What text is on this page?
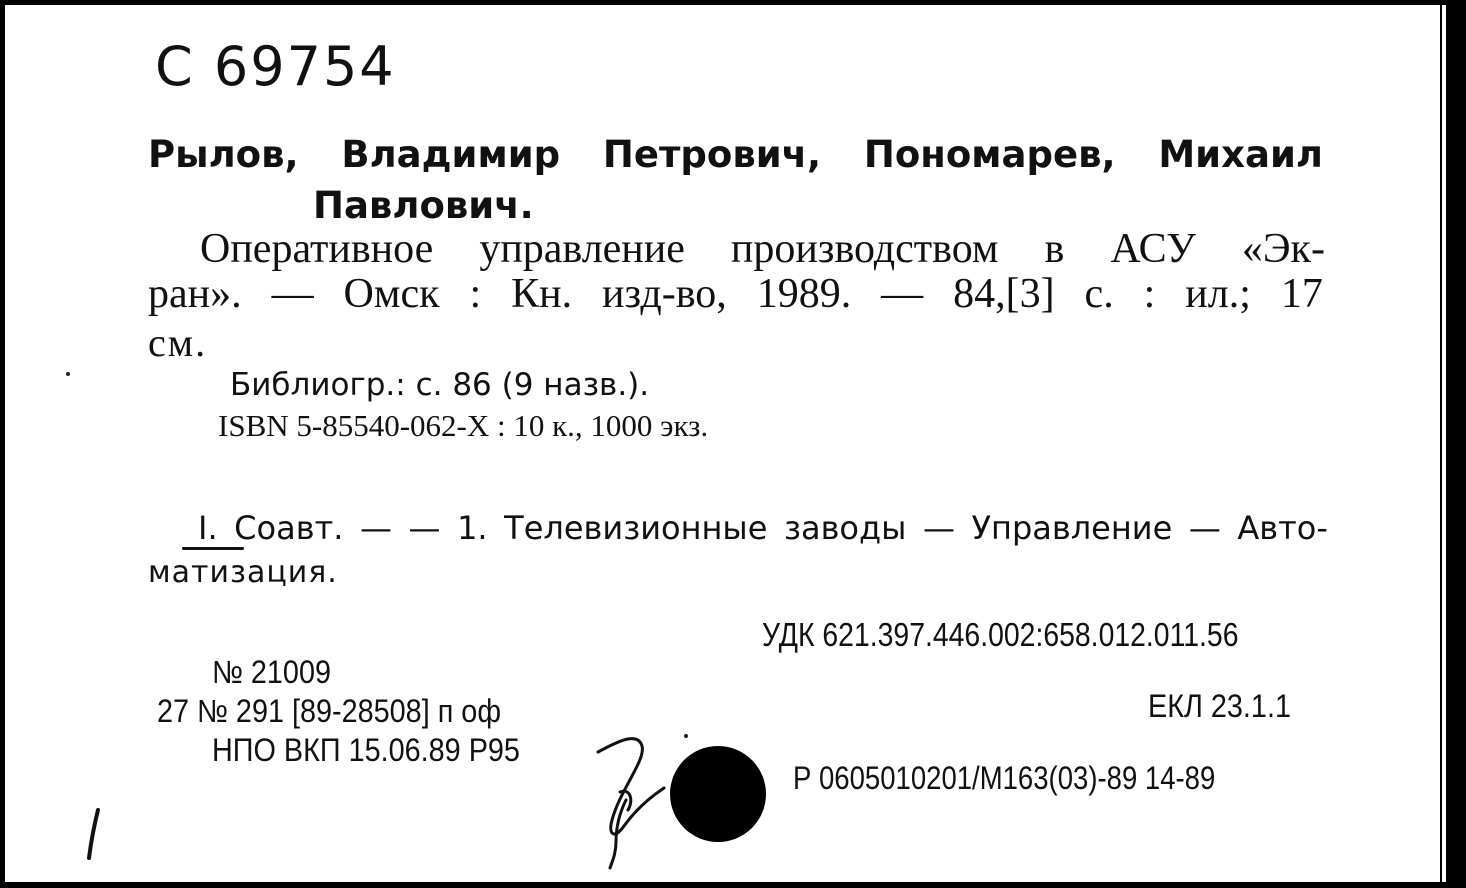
С 69754
Рылов, Владимир Петрович, Пономарев, Михаил
Павлович.
Оперативное управление производством в АСУ «Эк-
ран». — Омск : Кн. изд-во, 1989. — 84,[3] с. : ил.; 17
см.
Библиогр.: с. 86 (9 назв.).
ISBN 5-85540-062-X : 10 к., 1000 экз.
I. Соавт. — — 1. Телевизионные заводы — Управление — Авто-
матизация.
УДК 621.397.446.002:658.012.011.56
№ 21009
27 № 291 [89-28508] п оф	ЕКЛ 23.1.1
НПО ВКП 15.06.89 Р95
Р 0605010201/М163(03)-89 14-89
